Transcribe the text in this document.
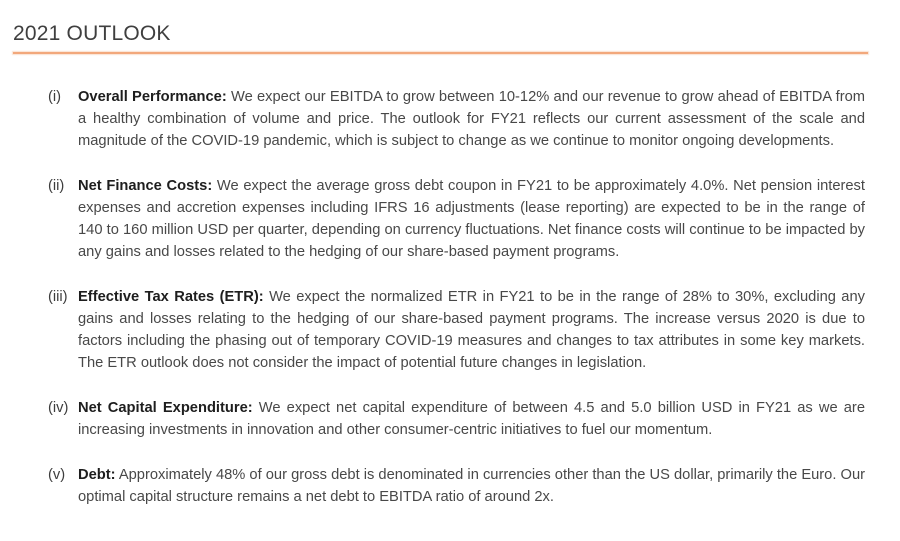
2021 OUTLOOK
(i)	Overall Performance: We expect our EBITDA to grow between 10-12% and our revenue to grow ahead of EBITDA from a healthy combination of volume and price. The outlook for FY21 reflects our current assessment of the scale and magnitude of the COVID-19 pandemic, which is subject to change as we continue to monitor ongoing developments.
(ii) Net Finance Costs: We expect the average gross debt coupon in FY21 to be approximately 4.0%. Net pension interest expenses and accretion expenses including IFRS 16 adjustments (lease reporting) are expected to be in the range of 140 to 160 million USD per quarter, depending on currency fluctuations. Net finance costs will continue to be impacted by any gains and losses related to the hedging of our share-based payment programs.
(iii) Effective Tax Rates (ETR): We expect the normalized ETR in FY21 to be in the range of 28% to 30%, excluding any gains and losses relating to the hedging of our share-based payment programs. The increase versus 2020 is due to factors including the phasing out of temporary COVID-19 measures and changes to tax attributes in some key markets. The ETR outlook does not consider the impact of potential future changes in legislation.
(iv) Net Capital Expenditure: We expect net capital expenditure of between 4.5 and 5.0 billion USD in FY21 as we are increasing investments in innovation and other consumer-centric initiatives to fuel our momentum.
(v) Debt: Approximately 48% of our gross debt is denominated in currencies other than the US dollar, primarily the Euro. Our optimal capital structure remains a net debt to EBITDA ratio of around 2x.
